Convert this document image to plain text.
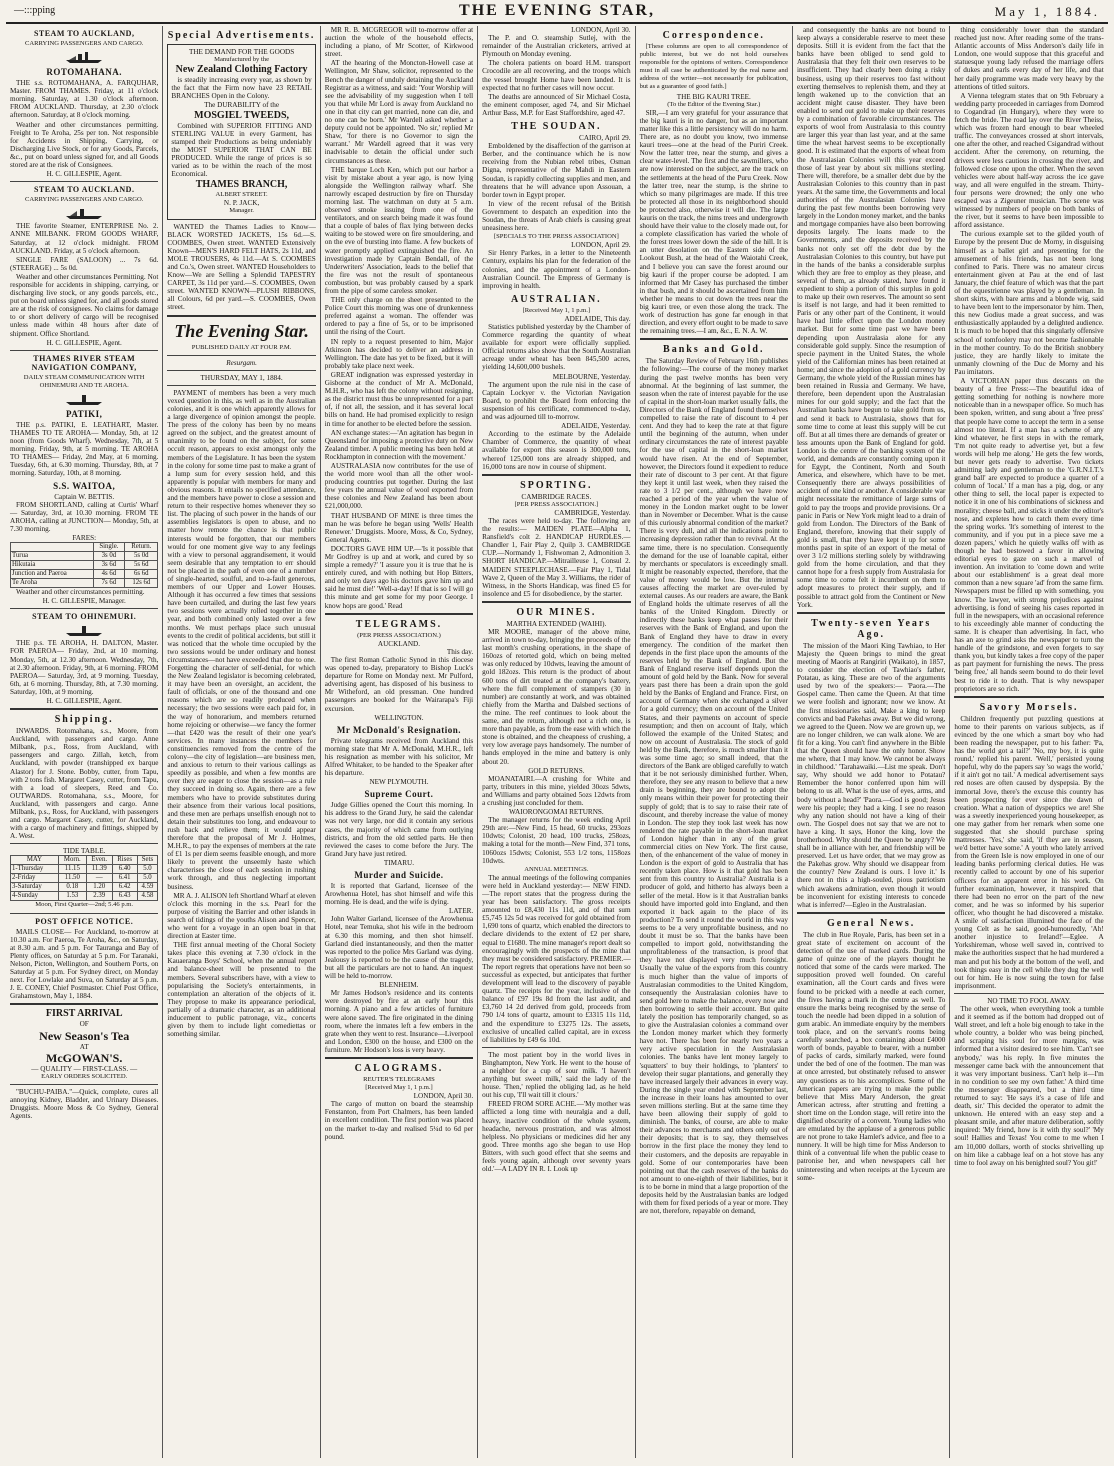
—:::pping	THE EVENING STAR,	May 1, 1884.
STEAM TO AUCKLAND,
CARRYING PASSENGERS AND CARGO.
ROTOMAHANA.

THE s.s. ROTOMAHANA, A. FARQUHAR, Master. FROM THAMES. Friday, at 11 o'clock morning. Saturday, at 1.30 o'clock afternoon. FROM AUCKLAND. Thursday, at 2.30 o'clock afternoon. Saturday, at 8 o'clock morning.

Weather and other circumstances permitting. Freight to Te Aroha, 25s per ton. Not responsible for Accidents in Shipping, Carrying, or Discharging Live Stock, or for any Goods, Parcels, &c., put on board unless signed for, and all Goods stored are at the risk of Consignees.

H. C. GILLESPIE, Agent.

STEAM TO AUCKLAND.
CARRYING PASSENGERS AND CARGO.

THE favorite Steamer, ENTERPRISE No. 2. ANNE MILBANK. FROM GOODS WHARF, Saturday, at 12 o'clock midnight. FROM AUCKLAND. Friday, at 5 o'clock afternoon.

SINGLE FARE (SALOON) ... 7s 6d. (STEERAGE) ... 5s 0d.

Weather and other circumstances Permitting. Not responsible for accidents in shipping, carrying, or discharging live stock, or any goods parcels, etc., put on board unless signed for, and all goods stored are at the risk of consignees. No claims for damage to or short delivery of cargo will be recognised unless made within 48 hours after date of shipment. Office Shortland.

H. C. GILLESPIE, Agent.

THAMES RIVER STEAM NAVIGATION COMPANY,
DAILY STEAM COMMUNICATION WITH OHINEMURI AND TE AROHA.
PATIKI,

THE p.s. PATIKI, E. LEATHART, Master. THAMES TO TE AROHA— Monday, 5th, at 12 noon (from Goods Wharf). Wednesday, 7th, at 5 morning. Friday, 9th, at 5 morning. TE AROHA TO THAMES— Friday, 2nd May, at 6 morning. Tuesday, 6th, at 6.30 morning. Thursday, 8th, at 7 morning. Saturday, 10th, at 8 morning.

S.S. WAITOA,
Captain W. BETTIS.

FROM SHORTLAND, calling at Curtis' Wharf— Saturday, 3rd, at 10.30 morning. FROM TE AROHA, calling at JUNCTION— Monday, 5th, at 7.30 morning.

FARES:
	Single.	Return.
Turua	3s 0d	5s 0d
Hikutaia	3s 6d	5s 6d
Junction and Paeroa	4s 6d	6s 6d
Te Aroha	7s 6d	12s 6d

Weather and other circumstances permitting.

H. C. GILLESPIE, Manager.

STEAM TO OHINEMURI.

THE p.s. TE AROHA, H. DALTON, Master. FOR PAEROA— Friday, 2nd, at 10 morning. Monday, 5th, at 12.30 afternoon. Wednesday, 7th, at 2.30 afternoon. Friday, 9th, at 6 morning. FROM PAEROA— Saturday, 3rd, at 9 morning. Tuesday, 6th, at 6 morning. Thursday, 8th, at 7.30 morning. Saturday, 10th, at 9 morning.

H. C. GILLESPIE, Agent.

Shipping.

INWARDS. Rotomahana, s.s., Moore, from Auckland, with passengers and cargo. Anne Milbank, p.s., Ross, from Auckland, with passengers and cargo. Zillah, ketch, from Auckland, with powder (transhipped ex barque Alastor) for J. Stone. Bobby, cutter, from Tapu, with 2 tons fish. Margaret Casey, cutter, from Tapu, with a load of sleepers, Reed and Co. OUTWARDS. Rotomahana, s.s., Moore, for Auckland, with passengers and cargo. Anne Milbank, p.s., Ross, for Auckland, with passengers and cargo. Margaret Casey, cutter, for Auckland, with a cargo of machinery and fittings, shipped by A. West.

TIDE TABLE.
MAY	Morn.	Even.	Rises	Sets
1-Thursday	11.15	11.39	6.40	5.0
2-Friday	11.50	—	6.41	5.0
3-Saturday	0.18	1.20	6.42	4.59
4-Sunday	1.53	2.39	6.43	4.58
Moon, First Quarter—2nd; 5.46 p.m.
POST OFFICE NOTICE.

MAILS CLOSE— For Auckland, to-morrow at 10.30 a.m. For Paeroa, Te Aroha, &c., on Saturday, at 8.30 a.m. and 5 p.m. For Tauranga and Bay of Plenty offices, on Saturday at 5 p.m. For Taranaki, Nelson, Picton, Wellington, and Southern Ports, on Saturday at 5 p.m. For Sydney direct, on Monday next. For Lowlake and Suva, on Saturday at 5 p.m. J. E. CONEY, Chief Postmaster. Chief Post Office, Grahamstown, May 1, 1884.

FIRST ARRIVAL
OF
New Season's Tea
AT
McGOWAN'S.
— QUALITY — FIRST-CLASS. —
EARLY ORDERS SOLICITED.

"BUCHU-PAIBA."—Quick, complete, cures all annoying Kidney, Bladder, and Urinary Diseases. Druggists. Moore Moss & Co Sydney, General Agents.

Special Advertisements.
THE DEMAND FOR THE GOODS
Manufactured by the
New Zealand Clothing Factory

is steadily increasing every year, as shown by the fact that the Firm now have 23 RETAIL BRANCHES Open in the Colony.

The DURABILITY of the
MOSGIEL TWEEDS,

Combined with SUPERIOR FITTING AND STERLING VALUE in every Garment, has stamped their Productions as being undeniably the MOST SUPERIOR THAT CAN BE PRODUCED. While the range of prices is so varied as to be within the reach of the most Economical.

THAMES BRANCH,
ALBERT STREET.
N. P. JACK,
Manager.

WANTED the Thames Ladies to Know—BLACK WORSTED JACKETS, 15s 6d.—S. COOMBES, Owen street. WANTED Extensively Known—MEN'S HARD FELT HATS, 2s 11d, and MOLE TROUSERS, 4s 11d.—At S. COOMBES and Co.'s, Owen street. WANTED Householders to Know—We are Selling a Splendid TAPESTRY CARPET, 3s 11d per yard.—S. COOMBES, Owen street. WANTED KNOWN—PLUSH RIBBONS, all Colours, 6d per yard.—S. COOMBES, Owen street.

The Evening Star.
PUBLISHED DAILY AT FOUR P.M.
Resurgam.
THURSDAY, MAY 1, 1884.

PAYMENT of members has been a very much vexed question in this, as well as in the Australian colonies, and it is one which apparently allows for a large divergence of opinion amongst the people. The press of the colony has been by no means agreed on the subject, and the greatest amount of unanimity to be found on the subject, for some occult reason, appears to exist amongst only the members of the Legislature. It has been the system in the colony for some time past to make a grant of a lump sum for every session held, and this apparently is popular with members for many and obvious reasons. It entails no specified attendance, and the members have power to close a session and return to their respective homes whenever they so list. The placing of such power in the hands of our assemblies legislators is open to abuse, and no matter how remote the chance is that public interests would be forgotten, that our members would for one moment give way to any feelings with a view to personal aggrandisement, it would seem desirable that any temptation to err should not be placed in the path of even one of a number of single-hearted, soulful, and to-a-fault generous, members of our Upper and Lower Houses. Although it has occurred a few times that sessions have been curtailed, and during the last few years two sessions were actually rolled together in one year, and both combined only lasted over a few months. We must perhaps place such unusual events to the credit of political accidents, but still it was noticed that the whole time occupied by the two sessions would be under ordinary and honest circumstances—not have exceeded that due to one. Forgetting the character of self-denial, for which the New Zealand legislator is becoming celebrated, it may have been an oversight, an accident, the fault of officials, or one of the thousand and one reasons which are so readily produced when necessary; the two sessions were each paid for, in the way of honorarium, and members returned home rejoicing or otherwise—we fancy the former—that £420 was the result of their one year's services. In many instances the members for constituencies removed from the centre of the colony—the city of legislation—are business men, and anxious to return to their various callings as speedily as possible, and when a few months are over they are eager to close the session—as a rule they succeed in doing so. Again, there are a few members who have to provide substitutes during their absence from their various local positions, and these men are perhaps unselfish enough not to detain their substitutes too long, and endeavour to rush back and relieve them; it would appear therefore that the proposal of Mr J. Holmes, M.H.R., to pay the expenses of members at the rate of £1 1s per diem seems feasible enough, and more likely to prevent the unseemly haste which characterises the close of each session in rushing work through, and thus neglecting important business.

MR A. J. ALISON left Shortland Wharf at eleven o'clock this morning in the s.s. Pearl for the purpose of visiting the Barrier and other islands in search of tidings of the youths Alison and Spencer, who went for a voyage in an open boat in that direction at Easter time.

THE first annual meeting of the Choral Society takes place this evening at 7.30 o'clock in the Kauaeranga Boys' School, when the annual report and balance-sheet will be presented to the members. Several subscribers have, with a view to popularising the Society's entertainments, in contemplation an alteration of the objects of it. They propose to make its appearance periodical, partially of a dramatic character, as an additional inducement to public patronage, viz., concerts given by them to include light comediettas or something similar.

MR R. B. MCGREGOR will to-morrow offer at auction the whole of the household effects, including a piano, of Mr Scotter, of Kirkwood street.

AT the hearing of the Moncton-Howell case at Wellington, Mr Shaw, solicitor, represented to the Bench the danger of unduly detaining the Auckland Registrar as a witness, and said: 'Your Worship will see the advisability of my suggestion when I tell you that while Mr Lord is away from Auckland no one in that city can get married, none can die, and no one can be born.' Mr Wardell asked whether a deputy could not be appointed. 'No sir,' replied Mr Shaw, 'for there is no Governor to sign the warrant.' Mr Wardell agreed that it was very inadvisable to detain the official under such circumstances as these.

THE barque Loch Ken, which put our harbor a visit by mistake about a year ago, is now lying alongside the Wellington railway wharf. She narrowly escaped destruction by fire on Thursday morning last. The watchman on duty at 5 a.m. observed smoke issuing from one of the ventilators, and on search being made it was found that a couple of bales of flax lying between decks waiting to be stowed were on fire smouldering, and on the eve of bursting into flame. A few buckets of water promptly applied extinguished the fire. An investigation made by Captain Bendall, of the Underwriters' Association, leads to the belief that the fire was not the result of spontaneous combustion, but was probably caused by a spark from the pipe of some careless smoker.

THE only charge on the sheet presented to the Police Court this morning was one of drunkenness preferred against a woman. The offender was ordered to pay a fine of 5s, or to be imprisoned until the rising of the Court.

IN reply to a request presented to him, Major Atkinson has decided to deliver an address in Wellington. The date has yet to be fixed, but it will probably take place next week.

GREAT indignation was expressed yesterday in Gisborne at the conduct of Mr A. McDonald, M.H.R., who has left the colony without resigning, as the district must thus be unrepresented for a part of, if not all, the session, and it has several local bills on hand. He had promised explicitly to resign in time for another to be elected before the session.

AN exchange states:—'An agitation has begun in Queensland for imposing a protective duty on New Zealand timber. A public meeting has been held at Rockhampton in connection with the movement.'

AUSTRALASIA now contributes for the use of the world more wool than all the other wool-producing countries put together. During the last few years the annual value of wool exported from these colonies and New Zealand has been about £21,000,000.

THAT HUSBAND OF MINE is three times the man he was before he began using 'Wells' Health Renewer.' Druggists. Moore, Moss, & Co, Sydney, General Agents.

DOCTORS GAVE HIM UP.—'Is it possible that Mr Godfrey is up and at work, and cured by so simple a remedy?' 'I assure you it is true that he is entirely cured, and with nothing but Hop Bitters, and only ten days ago his doctors gave him up and said he must die!' 'Well-a-day! If that is so I will go this minute and get some for my poor George. I know hops are good.' Read

TELEGRAMS.
(PER PRESS ASSOCIATION.)
AUCKLAND.
This day.

The first Roman Catholic Synod in this diocese was opened to-day, preparatory to Bishop Luck's departure for Rome on Monday next. Mr Pulford, advertising agent, has disposed of his business to Mr Witheford, an old pressman. One hundred passengers are booked for the Wairarapa's Fiji excursion.

WELLINGTON.
Mr McDonald's Resignation.

Private telegrams received from Auckland this morning state that Mr A. McDonald, M.H.R., left his resignation as member with his solicitor, Mr Alfred Whitaker, to be handed to the Speaker after his departure.

NEW PLYMOUTH.
Supreme Court.

Judge Gillies opened the Court this morning. In his address to the Grand Jury, he said the calendar was not very large, nor did it contain any serious cases, the majority of which came from outlying districts, and from the old settled parts. He then reviewed the cases to come before the Jury. The Grand Jury have just retired.

TIMARU.
Murder and Suicide.

It is reported that Garland, licensee of the Arowhenua Hotel, has shot himself and wife this morning. He is dead, and the wife is dying.

LATER.

John Walter Garland, licensee of the Arowhenua Hotel, near Temuka, shot his wife in the bedroom at 6.30 this morning, and then shot himself. Garland died instantaneously, and then the matter was reported to the police Mrs Garland was dying. Jealousy is reported to be the cause of the tragedy, but all the particulars are not to hand. An inquest will be held to-morrow.

BLENHEIM.

Mr James Hodson's residence and its contents were destroyed by fire at an early hour this morning. A piano and a few articles of furniture were alone saved. The fire originated in the dining room, where the inmates left a few embers in the grate when they went to rest. Insurance—Liverpool and London, £300 on the house, and £300 on the furniture. Mr Hodson's loss is very heavy.

CALOGRAMS.
REUTER'S TELEGRAMS
[Received May 1, 1 p.m.]
LONDON, April 30.

The cargo of mutton on board the steamship Fenstanton, from Port Chalmers, has been landed in excellent condition. The first portion was placed on the market to-day and realised 5¼d to 6d per pound.

LONDON, April 30.

The P. and O. steamship Sutlej, with the remainder of the Australian cricketers, arrived at Plymouth on Monday evening.

The cholera patients on board H.M. transport Crocodile are all recovering, and the troops which the vessel brought Home have been landed. It is expected that no further cases will now occur.

The deaths are announced of Sir Michael Costa, the eminent composer, aged 74, and Sir Michael Arthur Bass, M.P. for East Staffordshire, aged 47.

THE SOUDAN.
CAIRO, April 29.

Emboldened by the disaffection of the garrison at Berber, and the continuance which he is now receiving from the Nubian rebel tribes, Osman Digna, representative of the Mahdi in Eastern Soudan, is rapidly collecting supplies and men, and threatens that he will advance upon Assouan, a border town in Egypt proper.

In view of the recent refusal of the British Government to despatch an expedition into the Soudan, the threats of Arab chiefs is causing great uneasiness here.

[SPECIALS TO THE PRESS ASSOCIATION]
LONDON, April 29.

Sir Henry Parkes, in a letter to the Nineteenth Century, explains his plan for the federation of the colonies, and the appointment of a London-Australian Council. The Empress of Germany is improving in health.

AUSTRALIAN.
[Received May 1, 1 p.m.]
ADELAIDE, This day.

Statistics published yesterday by the Chamber of Commerce regarding the quantity of wheat available for export were officially supplied. Official returns also show that the South Australian acreage under wheat has been 845,500 acres, yielding 14,600,000 bushels.

MELBOURNE, Yesterday.

The argument upon the rule nisi in the case of Captain Lockyer v. the Victorian Navigation Board, to prohibit the Board from enforcing the suspension of his certificate, commenced to-day, and was adjourned till to-morrow.

ADELAIDE, Yesterday.

According to the estimate by the Adelaide Chamber of Commerce, the quantity of wheat available for export this season is 300,000 tons, whereof 125,000 tons are already shipped, and 16,000 tons are now in course of shipment.

SPORTING.
CAMBRIDGE RACES.
[PER PRESS ASSOCIATION.]
CAMBRIDGE, Yesterday.

The races were held to-day. The following are the results:— MAIDEN PLATE—Alpha 1, Ransfield's colt 2. HANDICAP HURDLES.—Chandler 1, Fair Play 2, Quilp 3. CAMBRIDGE CUP.—Normandy 1, Fishwoman 2, Admonition 3. SHORT HANDICAP.—Mitrailleuse 1, Consul 2. MAIDEN STEEPLECHASE.—Fair Play 1, Tidal Wave 2, Queen of the May 3. Williams, the rider of Witness, in the Shorts Handicap, was fined £5 for insolence and £5 for disobedience, by the starter.

OUR MINES.
MARTHA EXTENDED (WAIHI).

MR MOORE, manager of the above mine, arrived in town to-day, bringing the proceeds of the last month's crushing operations, in the shape of 160ozs of retorted gold, which on being melted was only reduced by 10dwts, leaving the amount of gold 182ozs. This return is the product of about 600 tons of dirt treated at the company's battery, where the full complement of stampers (30 in number) are constantly at work, and was obtained chiefly from the Martha and Dalsbed sections of the mine. The reef continues to look about the same, and the return, although not a rich one, is more than payable, as from the ease with which the stone is obtained, and the cheapness of crushing, a very low average pays handsomely. The number of hands employed in the mine and battery is only about 20.

GOLD RETURNS.

MOANATAIRI.—A crushing for White and party, tributers in this mine, yielded 30ozs 5dwts, and Williams and party obtained 5ozs 12dwts from a crushing just concluded for them.

WAIORONGOMAI RETURNS.

The manager returns for the week ending April 29th are:—New Find, 15 head, 60 trucks, 293ozs 10dwts; Colonist, 20 head, 100 trucks, 258ozs, making a total for the month—New Find, 371 tons, 1060ozs 15dwts; Colonist, 553 1/2 tons, 1158ozs 10dwts.

ANNUAL MEETINGS.

The annual meetings of the following companies were held in Auckland yesterday:— NEW FIND.—The report states that the progress during the year has been satisfactory. The gross receipts amounted to £8,430 11s 11d, and of that sum £5,745 12s 5d was received for gold obtained from 1,690 tons of quartz, which enabled the directors to declare dividends to the extent of £2 per share, equal to £1680. The mine manager's report dealt so encouragingly with the prospects of the mine that they must be considered satisfactory. PREMIER.—The report regrets that operations have not been so successful as expected, but anticipates that further development will lead to the discovery of payable quartz. The receipts for the year, inclusive of the balance of £97 19s 8d from the last audit, and £3,760 14 2d derived from gold, proceeds from 790 1/4 tons of quartz, amount to £3315 11s 11d, and the expenditure to £3275 12s. The assets, exclusive of uncalled called capital, are in excess of liabilities by £49 6s 10d.

The most patient boy in the world lives in Binghampton, New York. He went to the house of a neighbor for a cup of sour milk. 'I haven't anything but sweet milk,' said the lady of the house. 'Then,' replied the obliging lad, as he held out his cup, 'I'll wait till it clours.'

FREED FROM SORE ACHE.—'My mother was afflicted a long time with neuralgia and a dull, heavy, inactive condition of the whole system, headache, nervous prostration, and was almost helpless. No physicians or medicines did her any good. Three months ago she began to use Hop Bitters, with such good effect that she seems and feels young again, although over seventy years old.'—A LADY IN R. I. Look up

Correspondence.

[These columns are open to all correspondence of public interest, but we do not hold ourselves responsible for the opinions of writers. Correspondence must in all case be authenticated by the real name and address of the writer—not necessarily for publication, but as a guarantee of good faith.]

THE BIG KAURI TREE.
(To the Editor of the Evening Star.)

SIR,—I am very grateful for your assurance that the big kauri is in no danger, but as an important matter like this a little persistency will do no harm. There are, as no doubt you know, two immense kauri trees—one at the head of the Puriri Creek. Now the latter tree, near the stump, and gives a clear water-level. The first and the sawmillers, who are now interested on the subject, are the track on the settlements at the head of the Puru Creek. Now the latter tree, near the stump, is the shrine to which so many pilgrimages are made. If this tree be protected all those in its neighborhood should be protected also, otherwise it will die. The large kauris on the track, the nims trees and undergrowth should have their value to the closely made out, for a complete classification has varied the whole of the forest trees lower down the side of the hill. It is an utter desolation on the Eastern side of the Lookout Bush, at the head of the Waiotahi Creek, and I believe you can save the forest around our big kauri if the proper course be adopted. I am informed that Mr Casey has purchased the timber in that bush, and it should be ascertained from him whether he means to cut down the trees near the big kauri tree, or even those along the track. The work of destruction has gone far enough in that direction, and every effort ought to be made to save the remaining trees.—I am, &c., E. N. A. W.

Banks and Gold.

The Saturday Review of February 16th publishes the following:—The course of the money market during the past twelve months has been very abnormal. At the beginning of last summer, the season when the rate of interest payable for the use of capital in the short-loan market usually falls, the Directors of the Bank of England found themselves compelled to raise the rate of discount to 4 per cent. And they had to keep the rate at that figure until the beginning of the autumn, when under ordinary circumstances the rate of interest payable for the use of capital in the short-loan market would have risen. At the end of September, however, the Directors found it expedient to reduce their rate of discount to 3 per cent. At that figure they kept it until last week, when they raised the rate to 3 1/2 per cent., although we have now reached a period of the year when the value of money in the London market ought to be lower than in November or December. What is the cause of this curiously abnormal condition of the market? There is very dull, and all the indications point to increasing depression rather than to revival. At the same time, there is no speculation. Consequently the demand for the use of loanable capital, either by merchants or speculators is exceedingly small. It might be reasonably expected, therefore, that the value of money would be low. But the internal causes affecting the market are over-ruled by external causes. As our readers are aware, the Bank of England holds the ultimate reserves of all the banks of the United Kingdom. Directly or indirectly these banks keep what passes for their reserves with the Bank of England, and upon the Bank of England they have to draw in every emergency. The condition of the market then depends in the first place upon the amounts of the reserves held by the Bank of England. But the Bank of England reserve itself depends upon the amount of gold held by the Bank. Now for several years past there has been a drain upon the gold held by the Banks of England and France. First, on account of Germany when she exchanged a silver for a gold currency; then on account of the United States, and their payments on account of specie resumption; and then on account of Italy, which followed the example of the United States; and now on account of Australasia. The stock of gold held by the Bank, therefore, is much smaller than it was some time ago; so small indeed, that the directors of the Bank are obliged carefully to watch that it be not seriously diminished further. When, therefore, they see any reason to believe that a new drain is beginning, they are bound to adopt the only means within their power for protecting their supply of gold; that is to say to raise their rate of discount, and thereby increase the value of money in London. The step they took last week has now rendered the rate payable in the short-loan market of London higher than in any of the great commercial cities on New York. The first cause, then, of the enhancement of the value of money in London is the export of gold to Australia that has recently taken place. How is it that gold has been sent from this country to Australia? Australia is a producer of gold, and hitherto has always been a seller of the metal. How is it that Australian banks should have imported gold into England, and then exported it back again to the place of its production? To send it round the world in this way seems to be a very unprofitable business, and no doubt it must be so. That the banks have been compelled to import gold, notwithstanding the unprofitableness of the transaction, is proof that they have not displayed very much foresight. Usually the value of the exports from this country is much higher than the value of imports of Australasian commodities to the United Kingdom, consequently the Australasian colonies have to send gold here to make the balance, every now and then borrowing to settle their account. But quite lately the position has temporarily changed, so as to give the Australasian colonies a command over the London money market which they formerly have not. There has been for nearly two years a very active speculation in the Australasian colonies. The banks have lent money largely to 'squatters' to buy their holdings, to 'planters' to develop their sugar plantations, and generally they have increased largely their advances in every way. During the single year ended with September last, the increase in their loans has amounted to over seven millions sterling. But at the same time they have been allowing their supply of gold to diminish. The banks, of course, are able to make their advances to merchants and others only out of their deposits; that is to say, they themselves borrow in the first place the money they lend to their customers, and the deposits are repayable in gold. Some of our contemporaries have been pointing out that the cash reserves of the banks do not amount to one-eighth of their liabilities, but it is to be borne in mind that a large proportion of the deposits held by the Australasian banks are lodged with them for fixed periods of a year or more. They are not, therefore, repayable on demand,

and consequently the banks are not bound to keep always a considerable reserve to meet these deposits. Still it is evident from the fact that the banks have been obliged to send gold to Australasia that they felt their own reserves to be insufficient. They had clearly been doing a risky business, using up their reserves too fast without exerting themselves to replenish them, and they at length wakened up to the conviction that an accident might cause disaster. They have been enabled to send out gold to make up their reserves by a combination of favorable circumstances. The exports of wool from Australasia to this country are larger this year than last year, and at the same time the wheat harvest seems to be exceptionally good. It is estimated that the exports of wheat from the Australasian Colonies will this year exceed those of last year by about six millions sterling. There will, therefore, be a smaller debt due by the Australasian Colonies to this country than in past years. At the same time, the Governments and local authorities of the Australasian Colonies have during the past few months been borrowing very largely in the London money market, and the banks and mortgage companies have also been borrowing deposits largely. The loans made to the Governments, and the deposits received by the banks not only set off the debt due by the Australasian Colonies to this country, but have put in the hands of the banks a considerable surplus which they are free to employ as they please, and several of them, as already stated, have found it expedient to ship a portion of this surplus in gold to make up their own reserves. The amount so sent is itself is not large, and had it been remitted to Paris or any other part of the Continent, it would have had little effect upon the London money market. But for some time past we have been depending upon Australasia alone for any considerable gold supply. Since the resumption of specie payment in the United States, the whole yield of the Californian mines has been retained at home; and since the adoption of a gold currency by Germany, the whole yield of the Russian mines has been retained in Russia and Germany. We have, therefore, been dependent upon the Australasian mines for our gold supply; and the fact that the Australian banks have begun to take gold from us, and send it back to Australasia, shows that for some time to come at least this supply will be cut off. But at all times there are demands of greater or less amounts upon the Bank of England for gold. London is the centre of the banking system of the world, and demands are constantly coming upon it for Egypt, the Continent, North and South America, and elsewhere, which have to be met. Consequently there are always possibilities of accident of one kind or another. A considerable war might necessitate the remittance of large sums of gold to pay the troops and provide provisions. Or a panic in Paris or New York might lead to a drain of gold from London. The Directors of the Bank of England, therefore, knowing that their supply of gold is small, that they have kept it up for some months past in spite of an export of the metal of over 3 1/2 millions sterling solely by withdrawing gold from the home circulation, and that they cannot hope for a fresh supply from Australasia for some time to come felt it incumbent on them to adopt measures to protect their supply, and if possible to attract gold from the Continent or New York.

Twenty-seven Years Ago.

The mission of the Maori King Tawhiao, to Her Majesty the Queen brings to mind the great meeting of Maoris at Rangiriri (Waikato), in 1857, to consider the election of Tawhiao's father, Potatau, as king. These are two of the arguments used by two of the speakers:— 'Paora.—The Gospel came. Then came the Queen. At that time we were foolish and ignorant; now we know. At the first missionaries said, Make a king to keep convicts and bad Pakehas away. But we did wrong, we agreed to the Queen. Now we are grown up, we are no longer children, we can walk alone. We are fit for a king. You can't find anywhere in the Bible that the Queen should have the only honor. Show me where, that I may know. We cannot be always in childhood.' 'Tarahawaiki.—List me speak. Don't say, Why should we add honor to Potatau? Remember the honor conferred upon him will belong to us all. What is the use of eyes, arms, and body without a head?' 'Paora.—God is good; Jesus were his people; they had a king. I see no reason why any nation should not have a king of their own. The Gospel does not say that we are not to have a king. It says, Honor the king, love the brotherhood. Why should the Queen be angry? We shall be in alliance with her, and friendship will be preserved. Let us have order, that we may grow as the Pakehas grow. Why should we disappear from the country? New Zealand is ours. I love it.' Is there not in this a high-souled, pious patriotism which awakens admiration, even though it would be inconvenient for existing interests to concede what is inferred?—Egleo in the Australasian.

General News.

The club in Rue Royale, Paris, has been set in a great state of excitement on account of the detection of the use of marked cards. During the game of quinze one of the players thought he noticed that some of the cards were marked. The supposition proved well founded. On careful examination, all the Court cards and fives were found to be pricked with a needle at each corner, the fives having a mark in the centre as well. To ensure the marks being recognised by the sense of touch the needle had been dipped in a solution of gum arabic. An immediate enquiry by the members took place, and on the servant's rooms being carefully searched, a box containing about £4000 worth of bonds, payable to bearer, with a number of packs of cards, similarly marked, were found under the bed of one of the footmen. The man was at once arrested, but obstinately refused to answer any questions as to his accomplices. Some of the American papers are trying to make the public believe that Miss Mary Anderson, the great American actress, after strutting and fretting a short time on the London stage, will retire into the dignified obscurity of a convent. Young ladies who are emulated by the applause of a generous public are not prone to take Hamlet's advice, and flee to a nunnery. It will be high time for Miss Anderson to think of a conventual life when the public cease to patronise her, and when newspapers call her uninteresting and when receipts at the Lyceum are some-

thing considerably lower than the standard reached just now. After reading some of the trans-Atlantic accounts of Miss Anderson's daily life in London, one would suppose that this graceful and statuesque young lady refused the marriage offers of dukes and earls every day of her life, and that her daily programme was made very heavy by the attentions of titled suitors.

A Vienna telegram states that on 9th February a wedding party proceeded in carriages from Domrod to Cogandrad (in Hungary), where they were to fetch the bride. The road lay over the River Theiss, which was frozen hard enough to bear wheeled traffic. The conveyances crossed at short intervals, one after the other, and reached Csigandrad without accident. After the ceremony, on returning, the drivers were less cautious in crossing the river, and followed close one upon the other. When the seven vehicles were about half-way across the ice gave way, and all were engulfed in the stream. Thirty-four persons were drowned; the only one who escaped was a Zigeuner musician. The scene was witnessed by numbers of people on both banks of the river, but it seems to have been impossible to afford assistance.

The curious example set to the gilded youth of Europe by the present Duc de Morny, in disguising himself as a ballet girl and presenting for the amusement of his friends, has not been long confined to Paris. There was no amateur circus entertainment given at Pau at the end of last January, the chief feature of which was that the part of the equestrienne was played by a gentleman. In short skirts, with bare arms and a blonde wig, said to have been lent to the impersonator by him. Then, this new Godius made a great success, and was enthusiastically applauded by a delighted audience. It is much to be hoped that this singularly offensive school of tomfoolery may not become fashionable in the mother country. To do the British snobbery justice, they are hardly likely to imitate the unmanly clowning of the Duc de Morny and his Pau imitators.

A VICTORIAN paper thus descants on the beauty of a free Press:—The beautiful idea of getting something for nothing is nowhere more noticeable than in a newspaper office. So much has been spoken, written, and sung about a 'free press' that people have come to accept the term in a sense almost too literal. If a man has a scheme of any kind whatever, he first steps in with the remark, 'I'm not quite ready to advertise yet, but a few words will help me along.' He gets the few words, but never gets ready to advertise. Two tickets admitting lady and gentleman to the 'G.R.N.I.T.'s grand ball' are expected to produce a quarter of a column of 'local.' If a man has a pig, dog, or any other thing to sell, the local paper is expected to notice it in one of his combinations of sickness and morality; cheese ball, and sticks it under the editor's nose, and expletes how to catch them every time the spring works. 'It's something of interest to the community, and if you put in a piece save me a dozen papers,' which he quietly walks off with as though he had bestowed a favor in allowing editorial eyes to gaze on such a marvel of invention. An invitation to 'come down and write about our establishment' is a great deal more common than a new square 'ad' from the same firm. Newspapers must be filled up with something, you know. The lawyer, with strong prejudices against advertising, is fond of seeing his cases reported in full in the newspapers, with an occasional reference to his exceedingly able manner of conducting the same. It is cheaper than advertising. In fact, who has an axe to grind asks the newspaper to turn the handle of the grindstone, and even forgets to say thank you, but kindly takes a free copy of the paper as part payment for furnishing the news. The press 'being free,' all hands seem bound to do their level best to ride it to death. That is why newspaper proprietors are so rich.

Savory Morsels.

Children frequently put puzzling questions at home to their parents on various subjects, as if evinced by the one which a smart boy who had been reading the newspaper, put to his father: 'Pa, has the world got a tail?' 'No, my boy, it is quite round,' replied his parent. 'Well,' persisted young hopeful, why do the papers say 'so wags the world,' if it ain't got no tail.' A medical advertisement says red noses are often caused by dyspepsia. By the immortal Jove, there's the excuse this country has been prospecting for ever since the dawn of creation. What a nation of dyspeptics we are! She was a sweetly inexperienced young housekeeper, as one may gather from her remark when some one suggested that she should purchase spring mattresses. 'Yes,' she said, 'if they are in season, we'd better have some.' A youth who lately arrived from the Green Isle is now employed in one of our leading banks performing clerical duties. He was recently called to account by one of his superior officers for an apparent error in his work. On further examination, however, it transpired that there had been no error on the part of the new comer, and he was so informed by his superior officer, who thought he had discovered a mistake. A smile of satisfaction illumined the face of the young Celt as he said, good-humouredly, 'Ah! another injustice to Ireland!'—Eglee. A Yorkshireman, whose well saved in, contrived to make the authorities suspect that he had murdered a man and put his body at the bottom of the well, and took things easy in the cell while they dug the well out for him. He is now suing the town for false imprisonment.

NO TIME TO FOOL AWAY.

The other week, when everything took a tumble and it seemed as if the bottom had dropped out of Wall street, and left a hole big enough to take in the whole country, a bolder who was being pinched, and scraping his soul for more margins, was informed that a visitor desired to see him. 'Can't see anybody,' was his reply. In five minutes the messenger came back with the announcement that it was very important business. 'Can't help it—I'm in no condition to see my own father.' A third time the messenger disappeared, but a third time returned to say: 'He says it's a case of life and death, sir.' This decided the operator to admit the unknown. He entered with an easy step and a pleasant smile, and after mature deliberation, softly inquired: 'My friend, how is it with thy soul?' 'My soul! Hallies and Texas! You come to me when I am 10,000 dollars, worth of stocks shrivelling up on him like a cabbage leaf on a hot stove has any time to fool away on his benighted soul? You git!'
